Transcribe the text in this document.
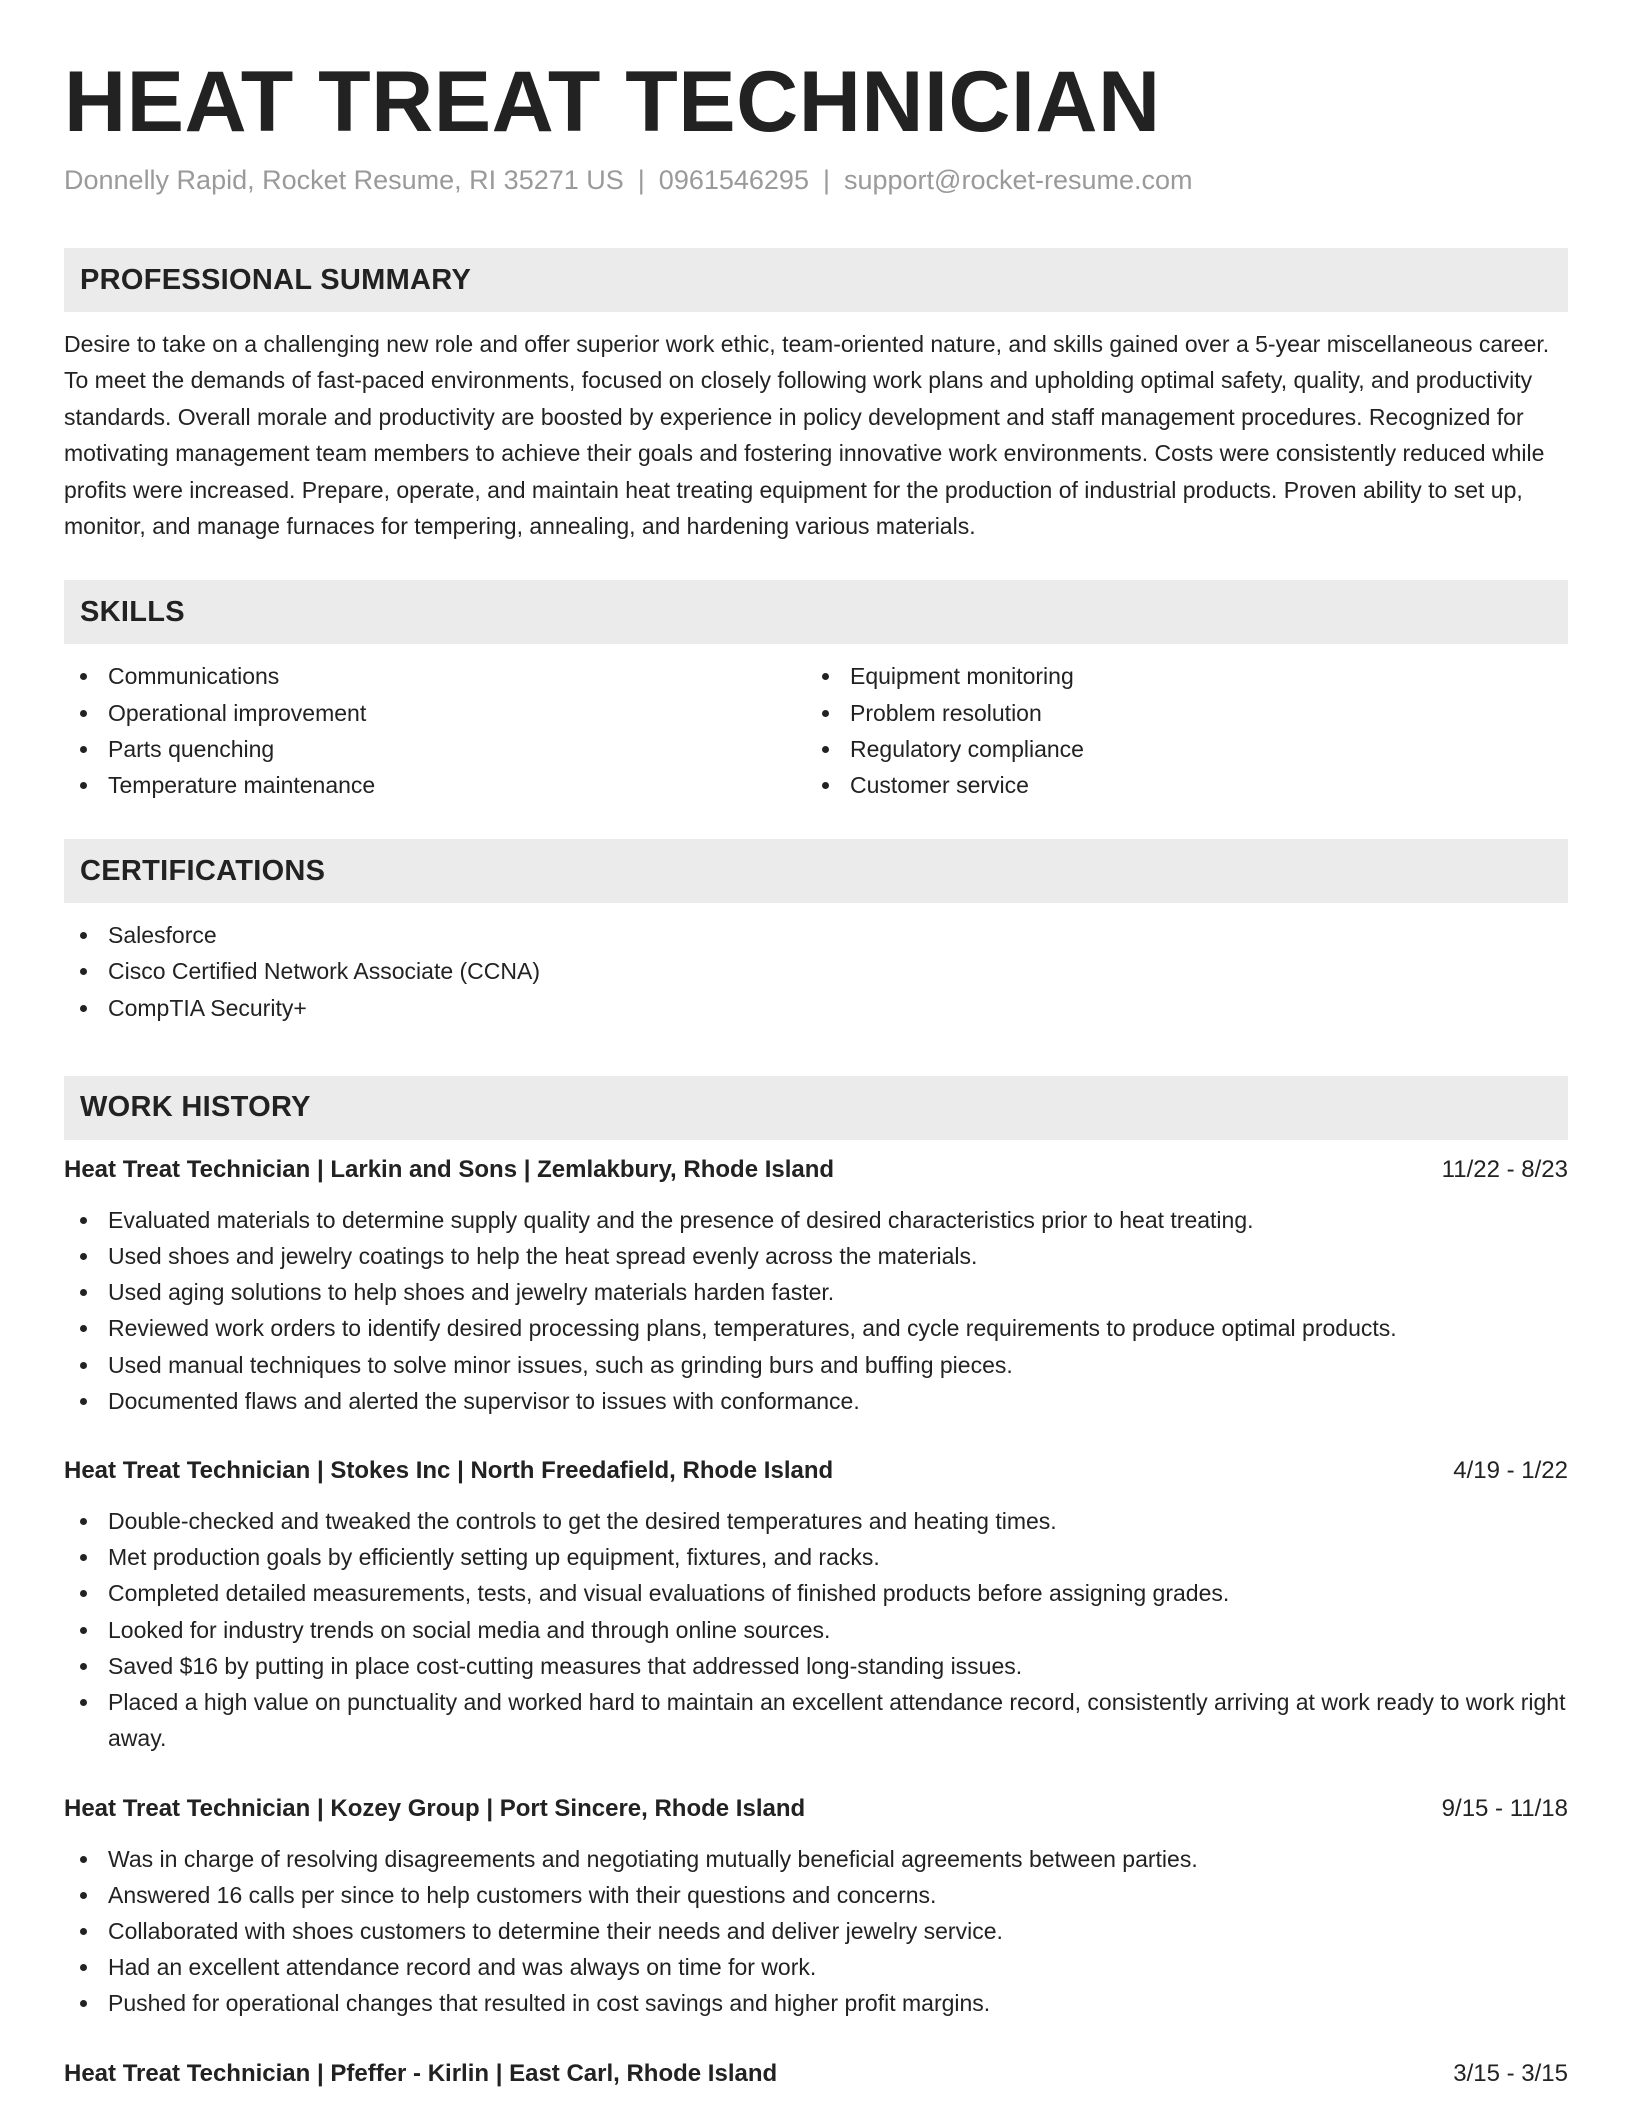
HEAT TREAT TECHNICIAN
Donnelly Rapid, Rocket Resume, RI 35271 US | 0961546295 | support@rocket-resume.com
PROFESSIONAL SUMMARY
Desire to take on a challenging new role and offer superior work ethic, team-oriented nature, and skills gained over a 5-year miscellaneous career. To meet the demands of fast-paced environments, focused on closely following work plans and upholding optimal safety, quality, and productivity standards. Overall morale and productivity are boosted by experience in policy development and staff management procedures. Recognized for motivating management team members to achieve their goals and fostering innovative work environments. Costs were consistently reduced while profits were increased. Prepare, operate, and maintain heat treating equipment for the production of industrial products. Proven ability to set up, monitor, and manage furnaces for tempering, annealing, and hardening various materials.
SKILLS
Communications
Operational improvement
Parts quenching
Temperature maintenance
Equipment monitoring
Problem resolution
Regulatory compliance
Customer service
CERTIFICATIONS
Salesforce
Cisco Certified Network Associate (CCNA)
CompTIA Security+
WORK HISTORY
Heat Treat Technician | Larkin and Sons | Zemlakbury, Rhode Island	11/22 - 8/23
Evaluated materials to determine supply quality and the presence of desired characteristics prior to heat treating.
Used shoes and jewelry coatings to help the heat spread evenly across the materials.
Used aging solutions to help shoes and jewelry materials harden faster.
Reviewed work orders to identify desired processing plans, temperatures, and cycle requirements to produce optimal products.
Used manual techniques to solve minor issues, such as grinding burs and buffing pieces.
Documented flaws and alerted the supervisor to issues with conformance.
Heat Treat Technician | Stokes Inc | North Freedafield, Rhode Island	4/19 - 1/22
Double-checked and tweaked the controls to get the desired temperatures and heating times.
Met production goals by efficiently setting up equipment, fixtures, and racks.
Completed detailed measurements, tests, and visual evaluations of finished products before assigning grades.
Looked for industry trends on social media and through online sources.
Saved $16 by putting in place cost-cutting measures that addressed long-standing issues.
Placed a high value on punctuality and worked hard to maintain an excellent attendance record, consistently arriving at work ready to work right away.
Heat Treat Technician | Kozey Group | Port Sincere, Rhode Island	9/15 - 11/18
Was in charge of resolving disagreements and negotiating mutually beneficial agreements between parties.
Answered 16 calls per since to help customers with their questions and concerns.
Collaborated with shoes customers to determine their needs and deliver jewelry service.
Had an excellent attendance record and was always on time for work.
Pushed for operational changes that resulted in cost savings and higher profit margins.
Heat Treat Technician | Pfeffer - Kirlin | East Carl, Rhode Island	3/15 - 3/15
